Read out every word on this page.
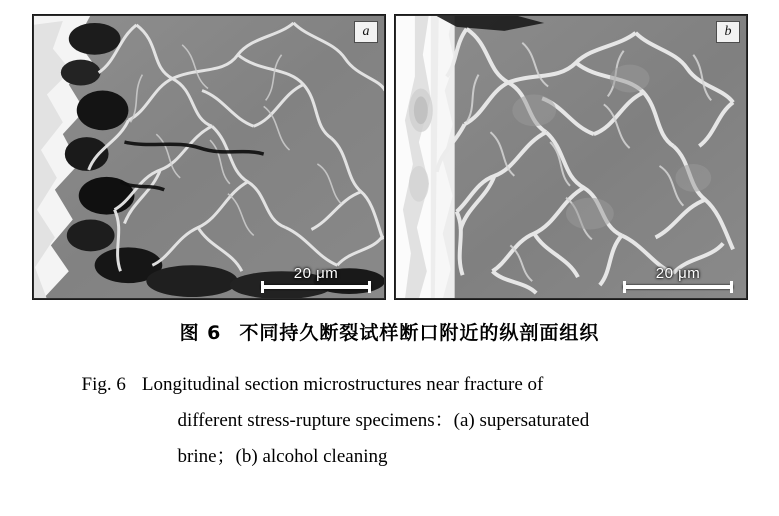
a
20 μm
b
20 μm
图 6 不同持久断裂试样断口附近的纵剖面组织
Fig. 6 Longitudinal section microstructures near fracture of
different stress-rupture specimens：(a) supersaturated
brine；(b) alcohol cleaning
